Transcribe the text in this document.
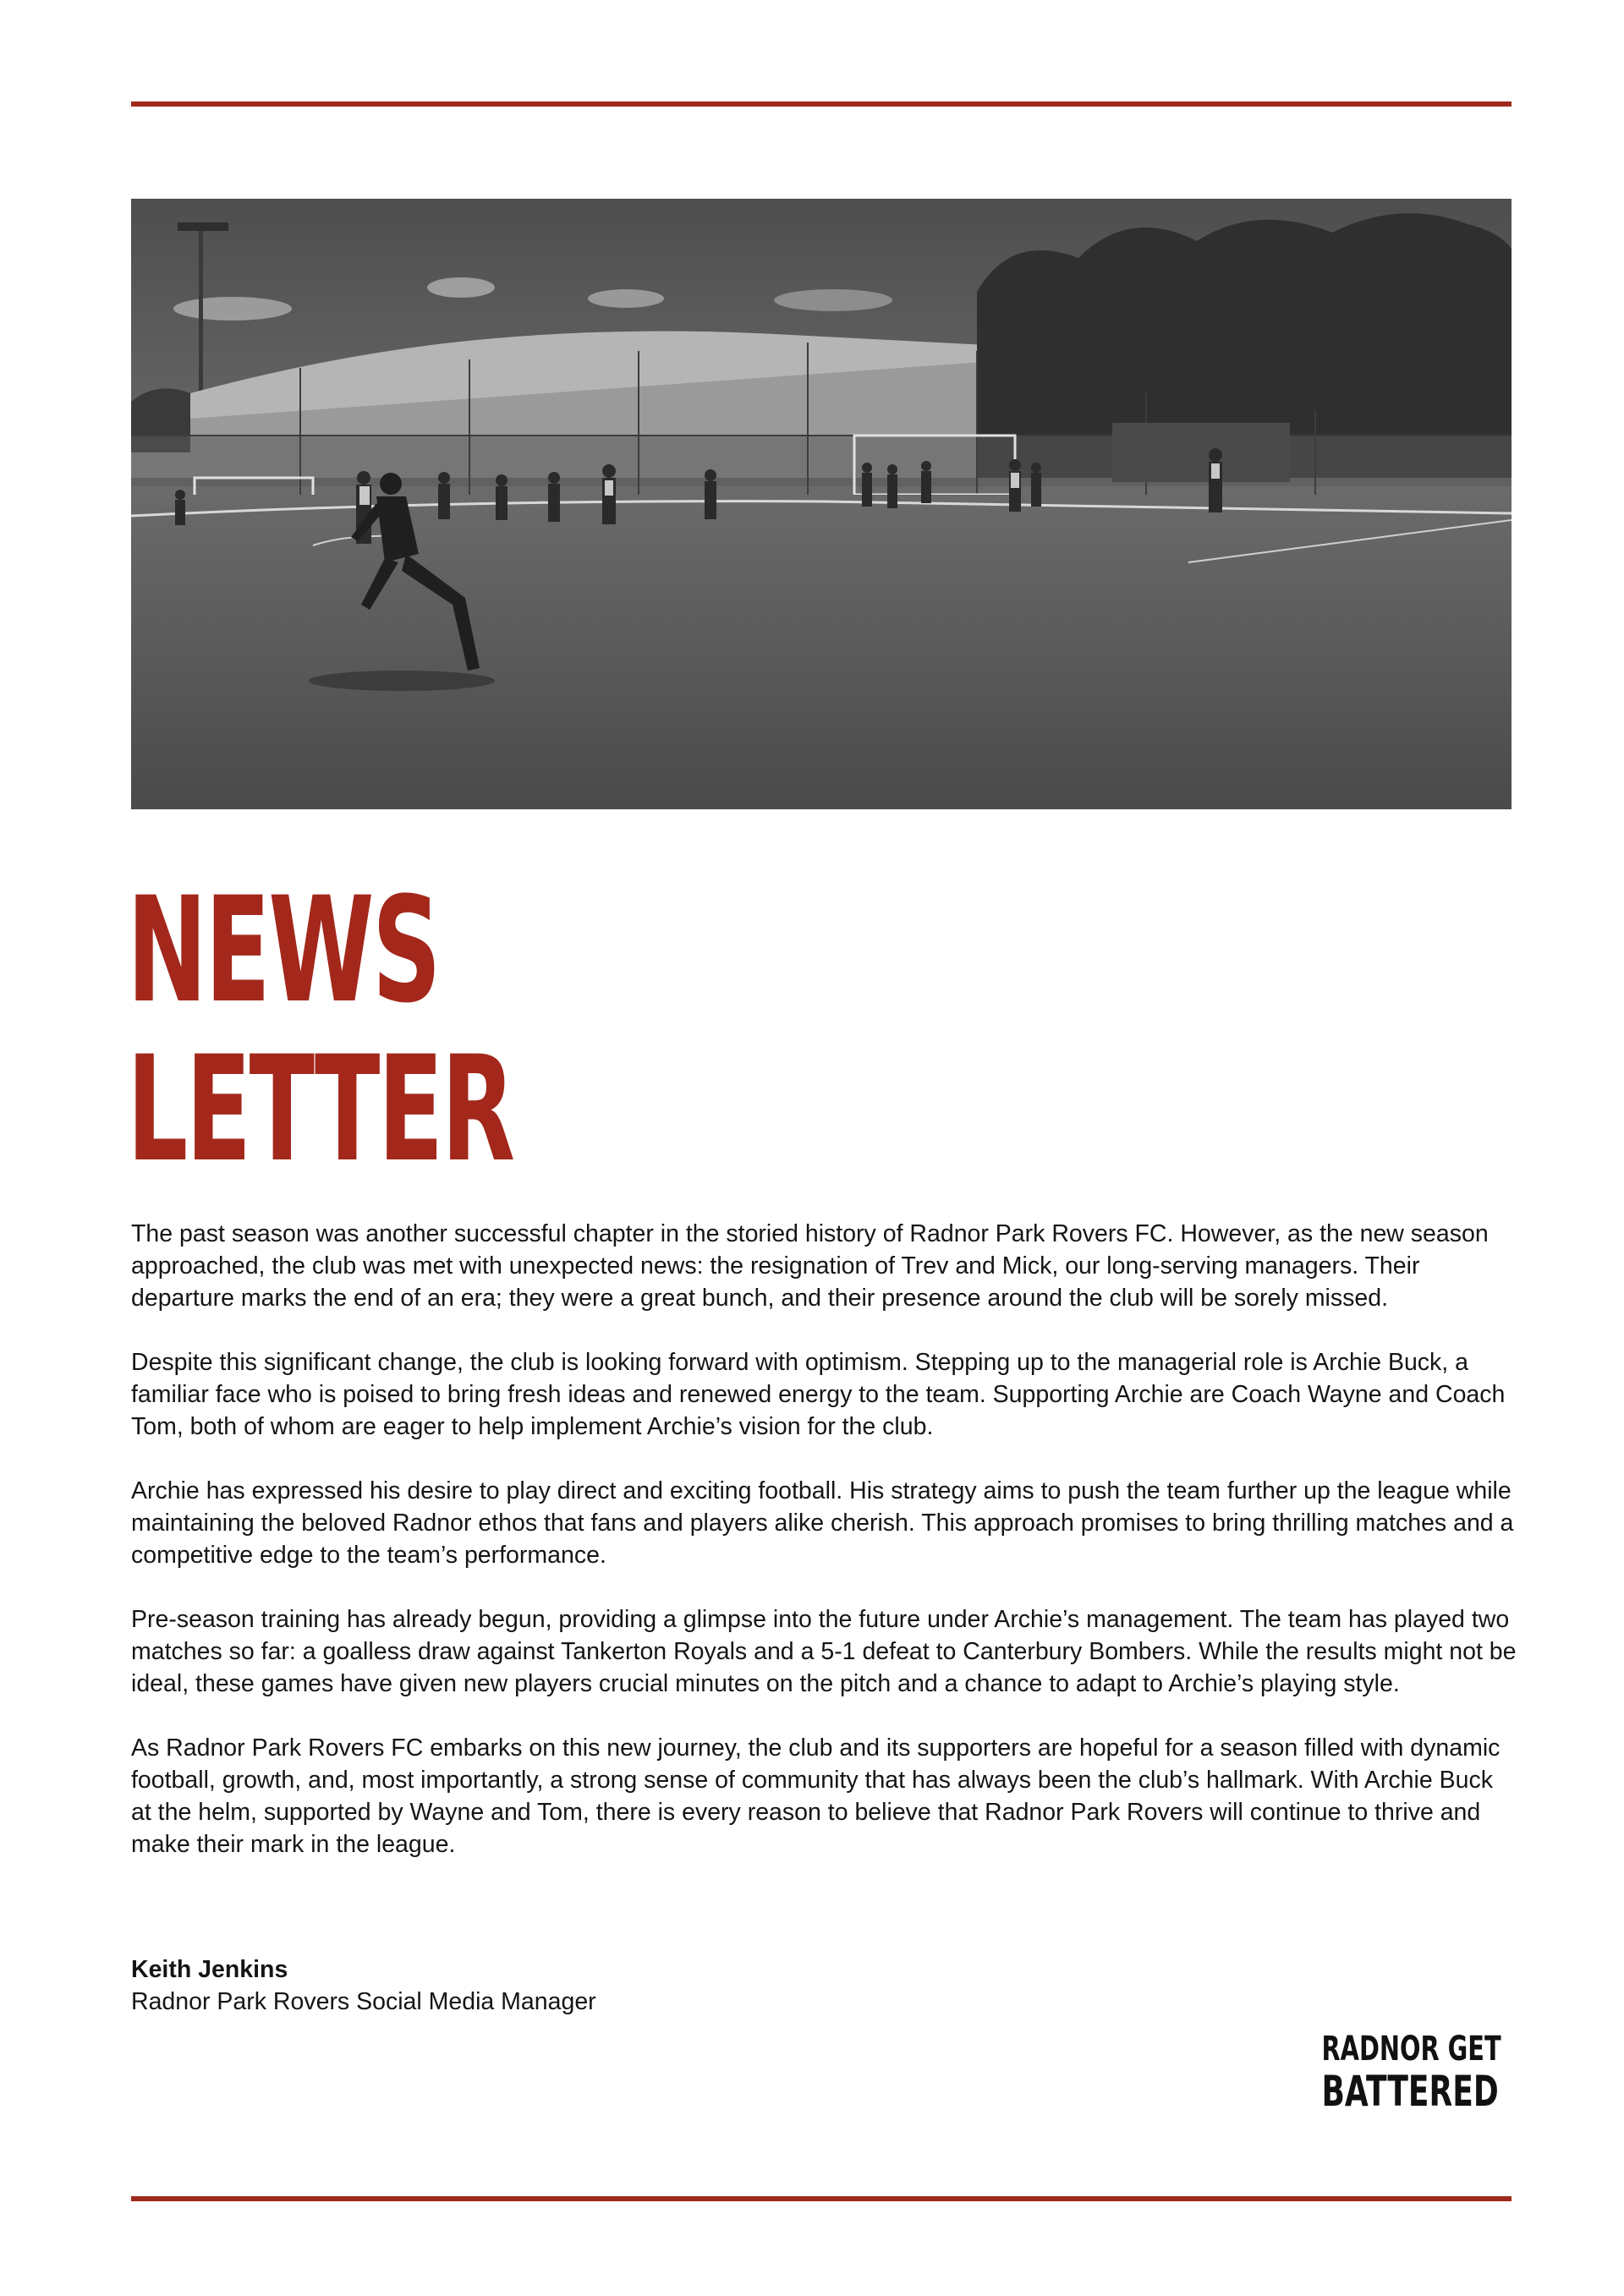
NEWS
LETTER

The past season was another successful chapter in the storied history of Radnor Park Rovers FC. However, as the new season approached, the club was met with unexpected news: the resignation of Trev and Mick, our long-serving managers. Their departure marks the end of an era; they were a great bunch, and their presence around the club will be sorely missed.

Despite this significant change, the club is looking forward with optimism. Stepping up to the managerial role is Archie Buck, a familiar face who is poised to bring fresh ideas and renewed energy to the team. Supporting Archie are Coach Wayne and Coach Tom, both of whom are eager to help implement Archie’s vision for the club.

Archie has expressed his desire to play direct and exciting football. His strategy aims to push the team further up the league while maintaining the beloved Radnor ethos that fans and players alike cherish. This approach promises to bring thrilling matches and a competitive edge to the team’s performance.

Pre-season training has already begun, providing a glimpse into the future under Archie’s management. The team has played two matches so far: a goalless draw against Tankerton Royals and a 5-1 defeat to Canterbury Bombers. While the results might not be ideal, these games have given new players crucial minutes on the pitch and a chance to adapt to Archie’s playing style.

As Radnor Park Rovers FC embarks on this new journey, the club and its supporters are hopeful for a season filled with dynamic football, growth, and, most importantly, a strong sense of community that has always been the club’s hallmark. With Archie Buck at the helm, supported by Wayne and Tom, there is every reason to believe that Radnor Park Rovers will continue to thrive and make their mark in the league.

Keith Jenkins
Radnor Park Rovers Social Media Manager
RADNOR GET
BATTERED
